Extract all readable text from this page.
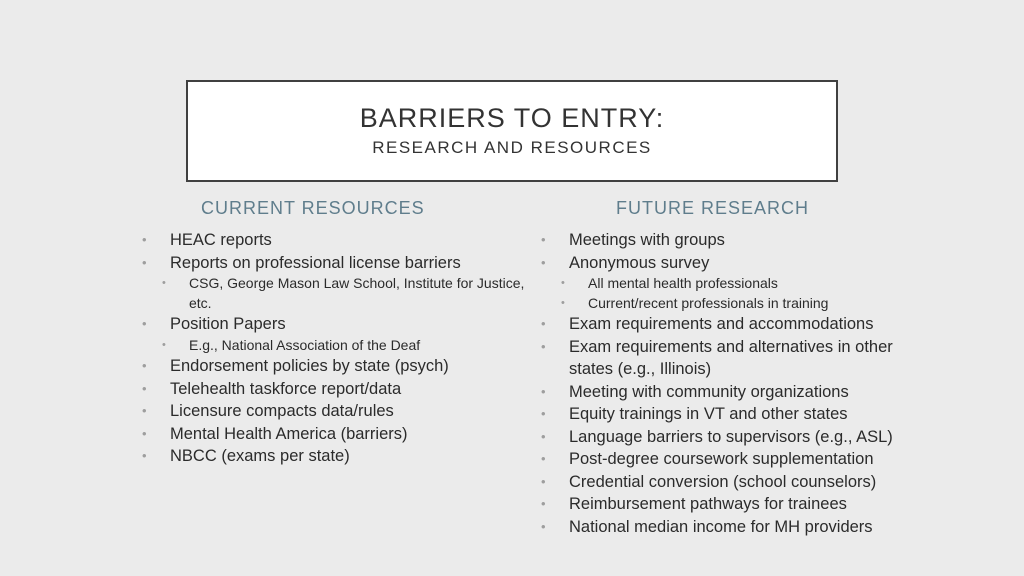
BARRIERS TO ENTRY:
RESEARCH AND RESOURCES
CURRENT RESOURCES	FUTURE RESEARCH
• HEAC reports
• Reports on professional license barriers
• CSG, George Mason Law School, Institute for Justice, etc.
• Position Papers
• E.g., National Association of the Deaf
• Endorsement policies by state (psych)
• Telehealth taskforce report/data
• Licensure compacts data/rules
• Mental Health America (barriers)
• NBCC (exams per state)
• Meetings with groups
• Anonymous survey
• All mental health professionals
• Current/recent professionals in training
• Exam requirements and accommodations
• Exam requirements and alternatives in other states (e.g., Illinois)
• Meeting with community organizations
• Equity trainings in VT and other states
• Language barriers to supervisors (e.g., ASL)
• Post-degree coursework supplementation
• Credential conversion (school counselors)
• Reimbursement pathways for trainees
• National median income for MH providers
